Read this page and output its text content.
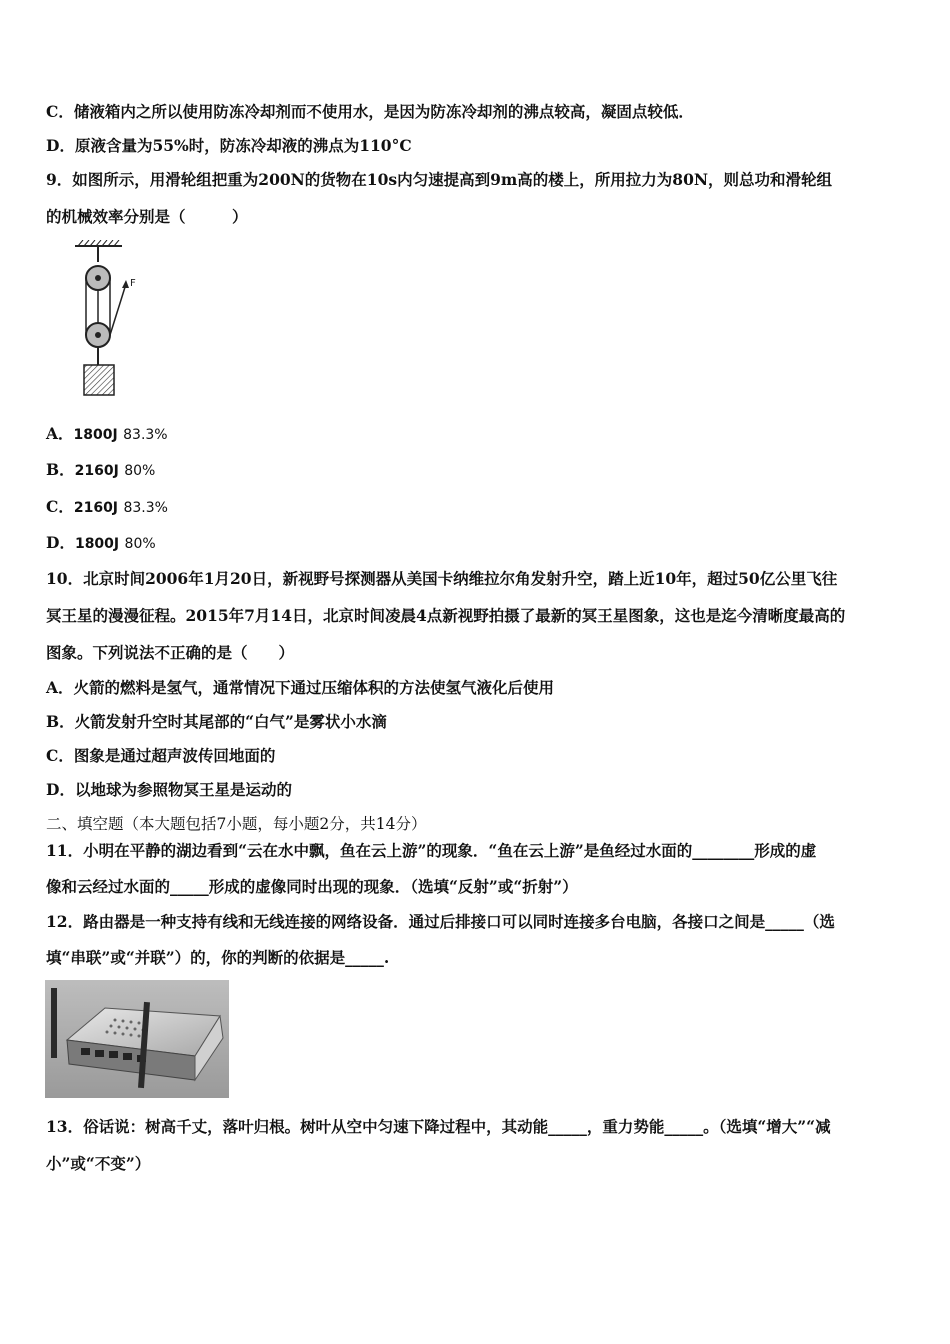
C．储液箱内之所以使用防冻冷却剂而不使用水，是因为防冻冷却剂的沸点较高，凝固点较低．
D．原液含量为55%时，防冻冷却液的沸点为110°C
9．如图所示，用滑轮组把重为200N的货物在10s内匀速提高到9m高的楼上，所用拉力为80N，则总功和滑轮组
的机械效率分别是（　　　）
F
A．1800J 83.3%
B．2160J 80%
C．2160J 83.3%
D．1800J 80%
10．北京时间2006年1月20日，新视野号探测器从美国卡纳维拉尔角发射升空，踏上近10年，超过50亿公里飞往
冥王星的漫漫征程。2015年7月14日，北京时间凌晨4点新视野拍摄了最新的冥王星图象，这也是迄今清晰度最高的
图象。下列说法不正确的是（　　）
A．火箭的燃料是氢气，通常情况下通过压缩体积的方法使氢气液化后使用
B．火箭发射升空时其尾部的“白气”是雾状小水滴
C．图象是通过超声波传回地面的
D．以地球为参照物冥王星是运动的
二、填空题（本大题包括7小题，每小题2分，共14分）
11．小明在平静的湖边看到“云在水中飘，鱼在云上游”的现象．“鱼在云上游”是鱼经过水面的________形成的虚
像和云经过水面的_____形成的虚像同时出现的现象．（选填“反射”或“折射”）
12．路由器是一种支持有线和无线连接的网络设备．通过后排接口可以同时连接多台电脑，各接口之间是_____（选
填“串联”或“并联”）的，你的判断的依据是_____.
13．俗话说：树高千丈，落叶归根。树叶从空中匀速下降过程中，其动能_____，重力势能_____。（选填“增大”“减
小”或“不变”）
